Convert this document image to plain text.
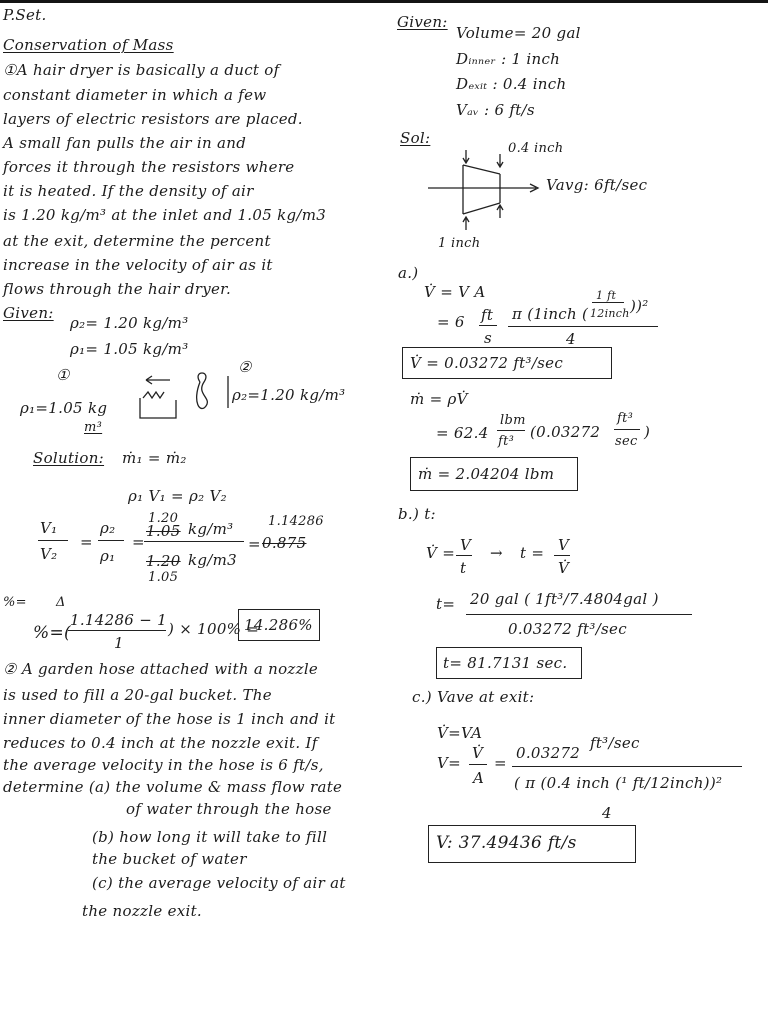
P.Set.
Conservation of Mass
①A hair dryer is basically a duct of
constant diameter in which a few
layers of electric resistors are placed.
A small fan pulls the air in and
forces it through the resistors where
it is heated. If the density of air
is 1.20 kg/m³ at the inlet and 1.05 kg/m3
at the exit, determine the percent
increase in the velocity of air as it
flows through the hair dryer.
Given:
ρ₂= 1.20 kg/m³
ρ₁= 1.05 kg/m³
①	②
ρ₁=1.05 kg
m³
ρ₂=1.20 kg/m³
Solution: ṁ₁ = ṁ₂
ρ₁ V₁ = ρ₂ V₂
V₁
V₂
=
ρ₂
ρ₁
=
1.20
1.05 kg/m³
1.20 kg/m3
1.05
=
1.14286
0.875
%= Δ
%=(
1.14286 − 1
1
) × 100% =
14.286%
② A garden hose attached with a nozzle
is used to fill a 20-gal bucket. The
inner diameter of the hose is 1 inch and it
reduces to 0.4 inch at the nozzle exit. If
the average velocity in the hose is 6 ft/s,
determine (a) the volume & mass flow rate
of water through the hose
(b) how long it will take to fill
the bucket of water
(c) the average velocity of air at
the nozzle exit.
Given:
Volume= 20 gal
Dᵢₙₙₑᵣ : 1 inch
Dₑₓᵢₜ : 0.4 inch
Vₐᵥ : 6 ft/s
Sol:
0.4 inch
1 inch
Vavg: 6ft/sec
a.)
V̇ = V A
= 6 ft
s
π (1inch (
1 ft
12inch ))²
4
V̇ = 0.03272 ft³/sec
ṁ = ρV̇
= 62.4
lbm
ft³
(0.03272
ft³
sec
)
ṁ = 2.04204 lbm
b.) t:
V̇ = V
t
→ t = V
V̇
t= 20 gal ( 1ft³/7.4804gal )
0.03272 ft³/sec
t= 81.7131 sec.
c.) Vave at exit:
V̇=VA
V=
V̇
A
=
0.03272
ft³/sec
( π (0.4 inch (¹ ft/12inch))²
4
V: 37.49436 ft/s
